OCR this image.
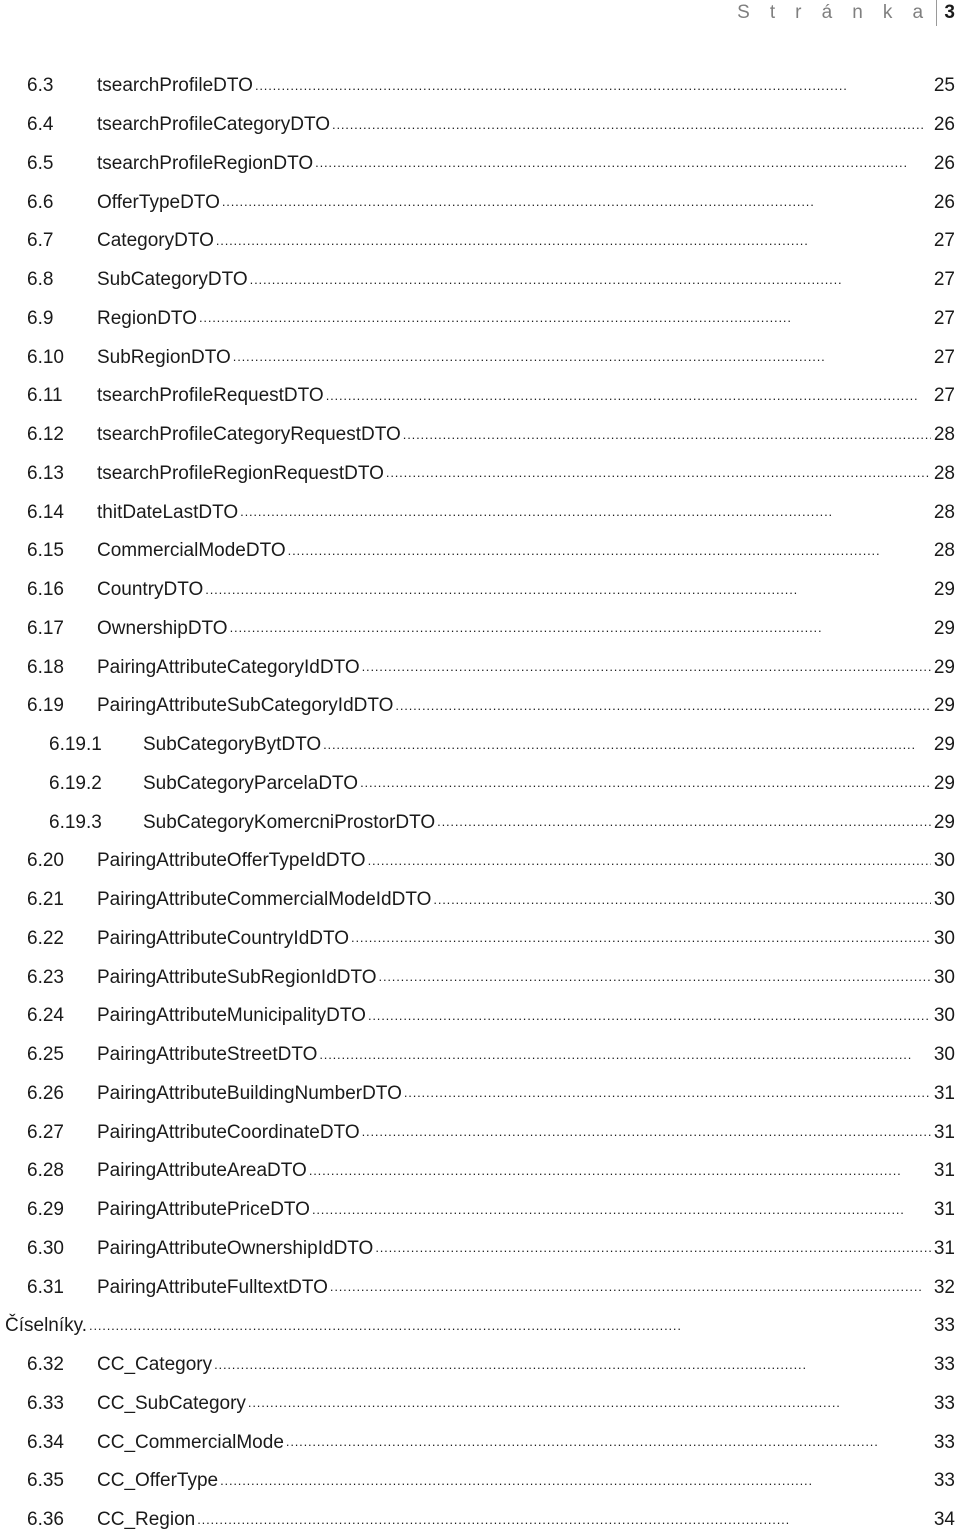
S t r á n k a 3
6.3 tsearchProfileDTO . . .	25
6.4 tsearchProfileCategoryDTO . . .	26
6.5 tsearchProfileRegionDTO . . .	26
6.6 OfferTypeDTO . . .	26
6.7 CategoryDTO . . .	27
6.8 SubCategoryDTO . . .	27
6.9 RegionDTO . . .	27
6.10 SubRegionDTO . . .	27
6.11 tsearchProfileRequestDTO . . .	27
6.12 tsearchProfileCategoryRequestDTO . . .	28
6.13 tsearchProfileRegionRequestDTO . . .	28
6.14 thitDateLastDTO . . .	28
6.15 CommercialModeDTO . . .	28
6.16 CountryDTO . . .	29
6.17 OwnershipDTO . . .	29
6.18 PairingAttributeCategoryIdDTO . . .	29
6.19 PairingAttributeSubCategoryIdDTO . . .	29
6.19.1 SubCategoryBytDTO . . .	29
6.19.2 SubCategoryParcelaDTO . . .	29
6.19.3 SubCategoryKomercniProstorDTO . . .	29
6.20 PairingAttributeOfferTypeIdDTO . . .	30
6.21 PairingAttributeCommercialModeIdDTO . . .	30
6.22 PairingAttributeCountryIdDTO . . .	30
6.23 PairingAttributeSubRegionIdDTO . . .	30
6.24 PairingAttributeMunicipalityDTO . . .	30
6.25 PairingAttributeStreetDTO . . .	30
6.26 PairingAttributeBuildingNumberDTO . . .	31
6.27 PairingAttributeCoordinateDTO . . .	31
6.28 PairingAttributeAreaDTO . . .	31
6.29 PairingAttributePriceDTO . . .	31
6.30 PairingAttributeOwnershipIdDTO . . .	31
6.31 PairingAttributeFulltextDTO . . .	32
Číselníky. . . .	33
6.32 CC_Category . . .	33
6.33 CC_SubCategory . . .	33
6.34 CC_CommercialMode . . .	33
6.35 CC_OfferType . . .	33
6.36 CC_Region . . .	34
